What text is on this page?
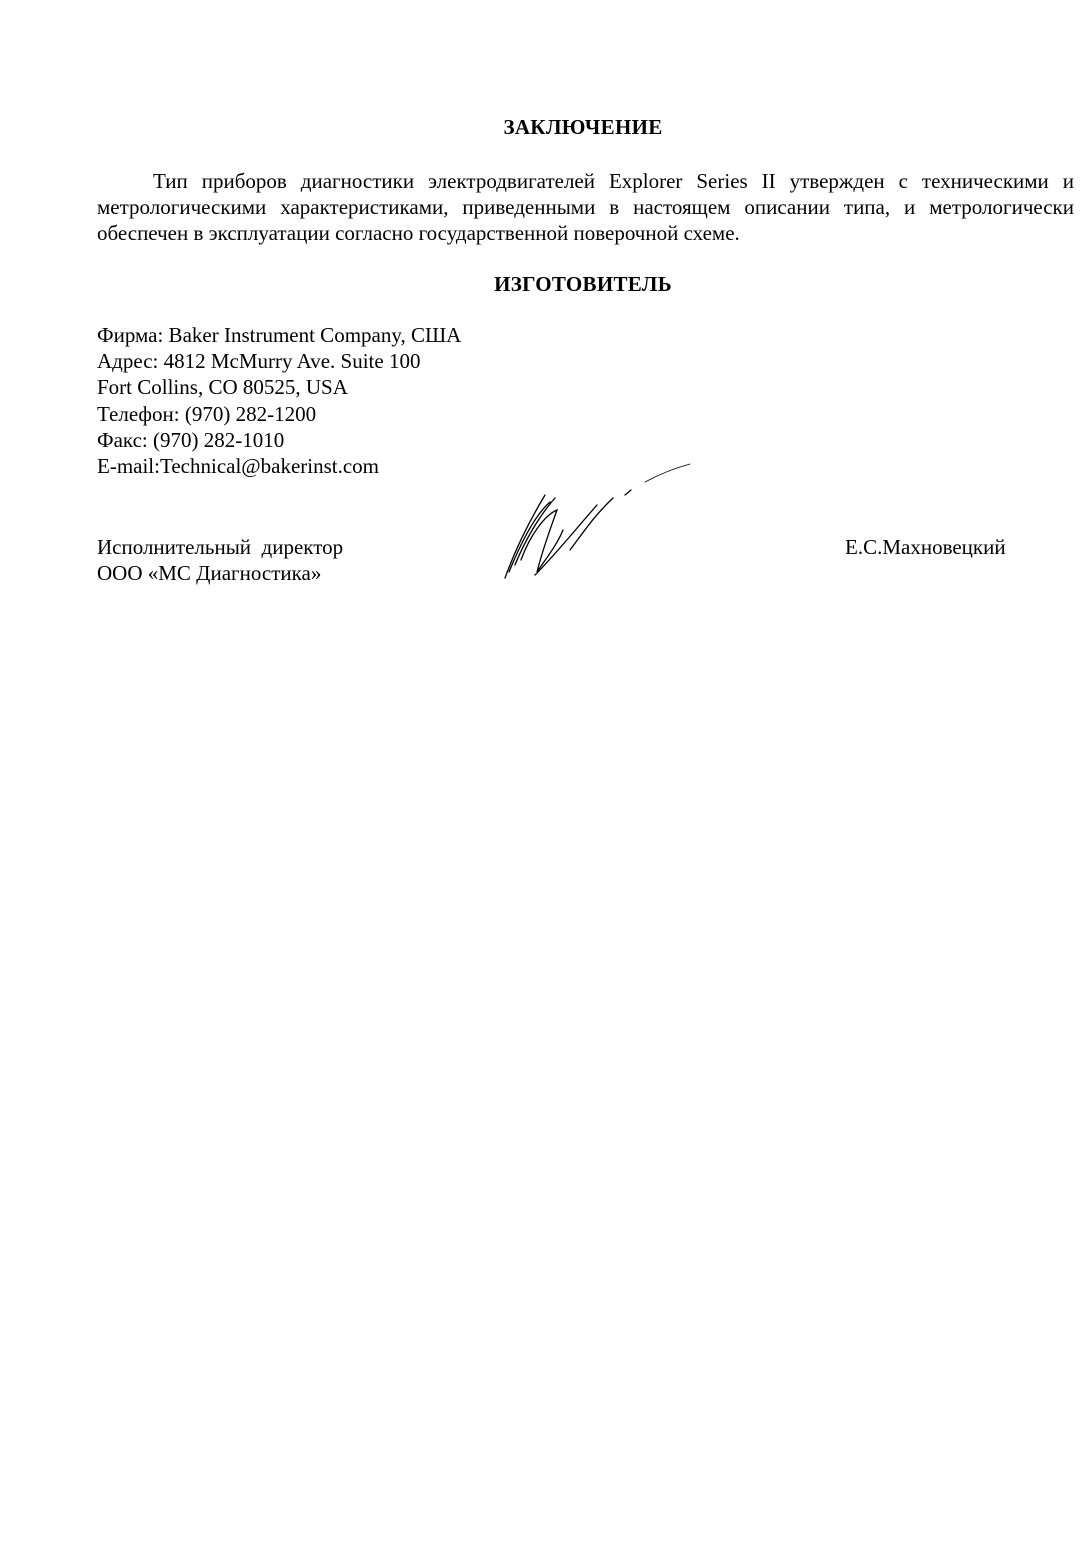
ЗАКЛЮЧЕНИЕ
Тип приборов диагностики электродвигателей Explorer Series II утвержден с техническими и метрологическими характеристиками, приведенными в настоящем описании типа, и метрологически обеспечен в эксплуатации согласно государственной поверочной схеме.
ИЗГОТОВИТЕЛЬ
Фирма: Baker Instrument Company, США
Адрес: 4812 McMurry Ave. Suite 100
Fort Collins, CO 80525, USA
Телефон: (970) 282-1200
Факс: (970) 282-1010
E-mail:Technical@bakerinst.com
Исполнительный  директор
ООО «МС Диагностика»
Е.С.Махновецкий
